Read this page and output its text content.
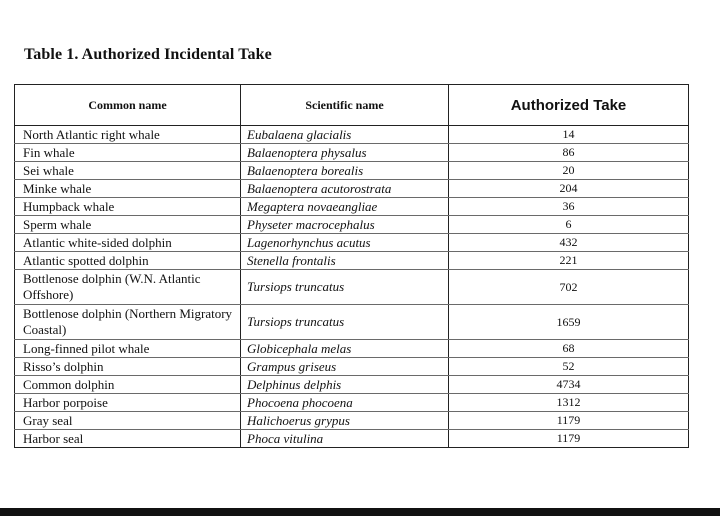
Table 1. Authorized Incidental Take
Common name	Scientific name	Authorized Take
North Atlantic right whale	Eubalaena glacialis	14
Fin whale	Balaenoptera physalus	86
Sei whale	Balaenoptera borealis	20
Minke whale	Balaenoptera acutorostrata	204
Humpback whale	Megaptera novaeangliae	36
Sperm whale	Physeter macrocephalus	6
Atlantic white-sided dolphin	Lagenorhynchus acutus	432
Atlantic spotted dolphin	Stenella frontalis	221
Bottlenose dolphin (W.N. Atlantic Offshore)	Tursiops truncatus	702
Bottlenose dolphin (Northern Migratory Coastal)	Tursiops truncatus	1659
Long-finned pilot whale	Globicephala melas	68
Risso’s dolphin	Grampus griseus	52
Common dolphin	Delphinus delphis	4734
Harbor porpoise	Phocoena phocoena	1312
Gray seal	Halichoerus grypus	1179
Harbor seal	Phoca vitulina	1179
